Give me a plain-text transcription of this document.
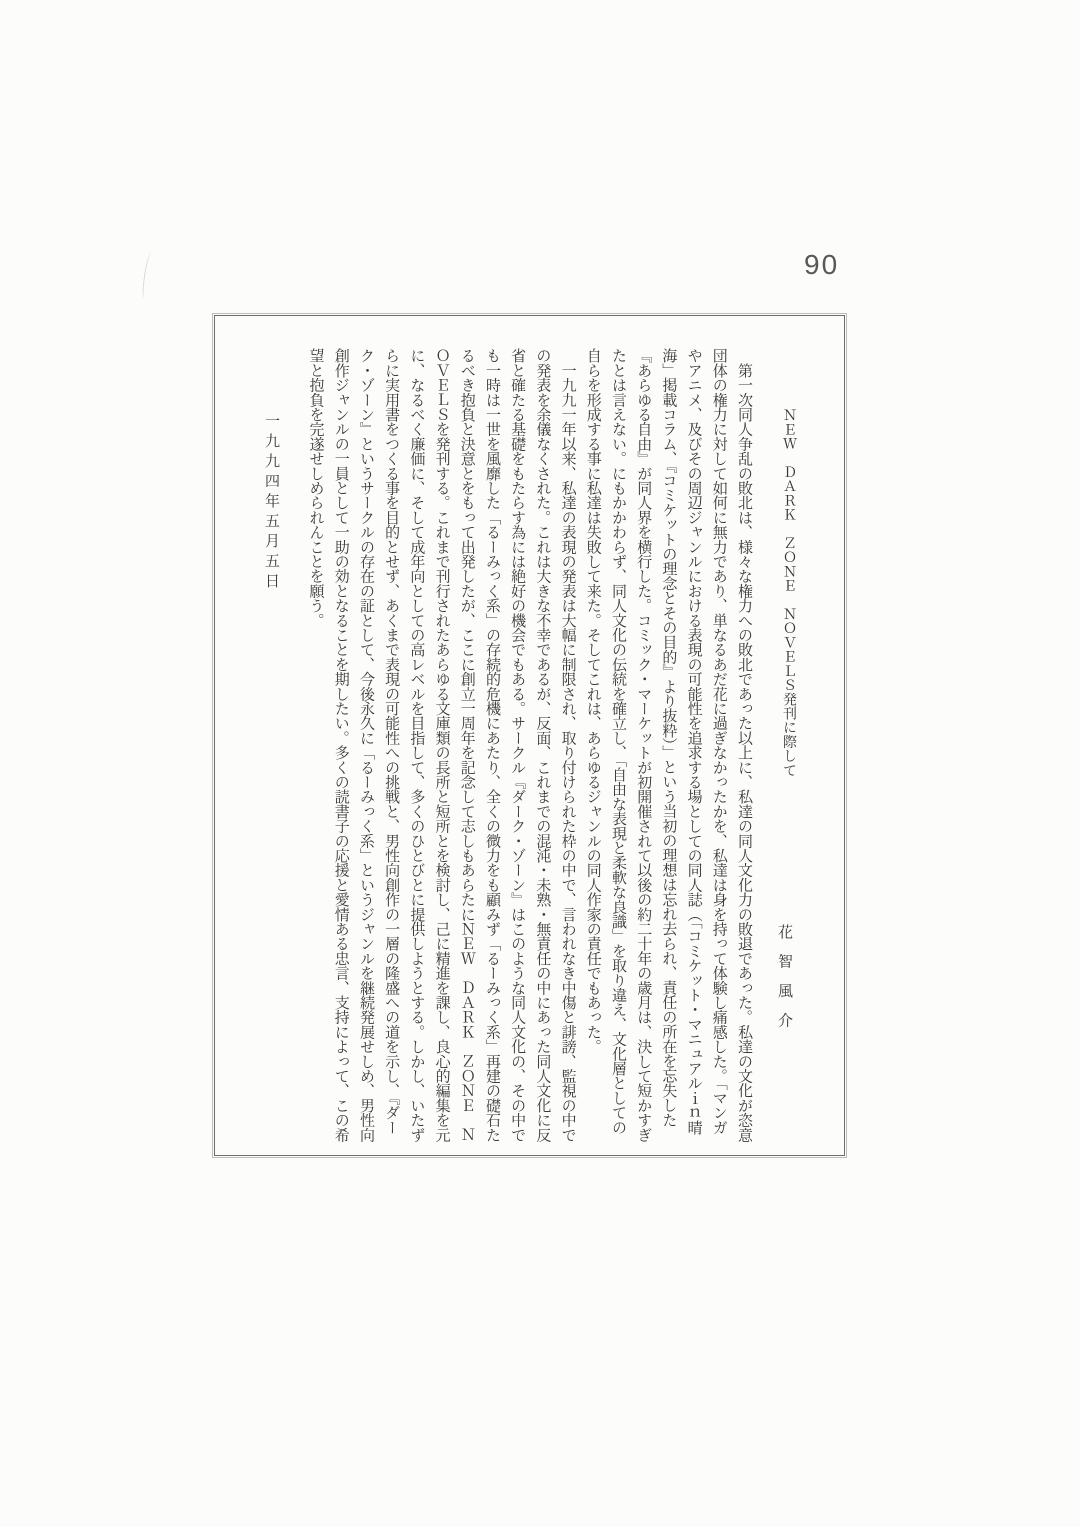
90
ＮＥＷ　ＤＡＲＫ　ＺＯＮＥ　ＮＯＶＥＬＳ発刊に際して
花　智　風　介
　第一次同人争乱の敗北は、様々な権力への敗北であった以上に、私達の同人文化力の敗退であった。私達の文化が恣意
団体の権力に対して如何に無力であり、単なるあだ花に過ぎなかったかを、私達は身を持って体験し痛感した。「マンガ
やアニメ、及びその周辺ジャンルにおける表現の可能性を追求する場としての同人誌（「コミケット・マニュアルｉｎ晴
海」掲載コラム、『コミケットの理念とその目的』より抜粋）」という当初の理想は忘れ去られ、責任の所在を忘失した
『あらゆる自由』が同人界を横行した。コミック・マーケットが初開催されて以後の約二十年の歳月は、決して短かすぎ
たとは言えない。にもかかわらず、同人文化の伝統を確立し、「自由な表現と柔軟な良識」を取り違え、文化層としての
自らを形成する事に私達は失敗して来た。そしてこれは、あらゆるジャンルの同人作家の責任でもあった。
　一九九一年以来、私達の表現の発表は大幅に制限され、取り付けられた枠の中で、言われなき中傷と誹謗、監視の中で
の発表を余儀なくされた。これは大きな不幸であるが、反面、これまでの混沌・未熟・無責任の中にあった同人文化に反
省と確たる基礎をもたらす為には絶好の機会でもある。サークル『ダーク・ゾーン』はこのような同人文化の、その中で
も一時は一世を風靡した「るーみっく系」の存続的危機にあたり、全くの微力をも顧みず「るーみっく系」再建の礎石た
るべき抱負と決意とをもって出発したが、ここに創立一周年を記念して志しもあらたにＮＥＷ　ＤＡＲＫ　ＺＯＮＥ　Ｎ
ＯＶＥＬＳを発刊する。これまで刊行されたあらゆる文庫類の長所と短所とを検討し、己に精進を課し、良心的編集を元
に、なるべく廉価に、そして成年向としての高レベルを目指して、多くのひとびとに提供しようとする。しかし、いたず
らに実用書をつくる事を目的とせず、あくまで表現の可能性への挑戦と、男性向創作の一層の隆盛への道を示し、『ダー
ク・ゾーン』というサークルの存在の証として、今後永久に「るーみっく系」というジャンルを継続発展せしめ、男性向
創作ジャンルの一員として一助の効となることを期したい。多くの読書子の応援と愛情ある忠言、支持によって、この希
望と抱負を完遂せしめられんことを願う。
一九九四年五月五日
